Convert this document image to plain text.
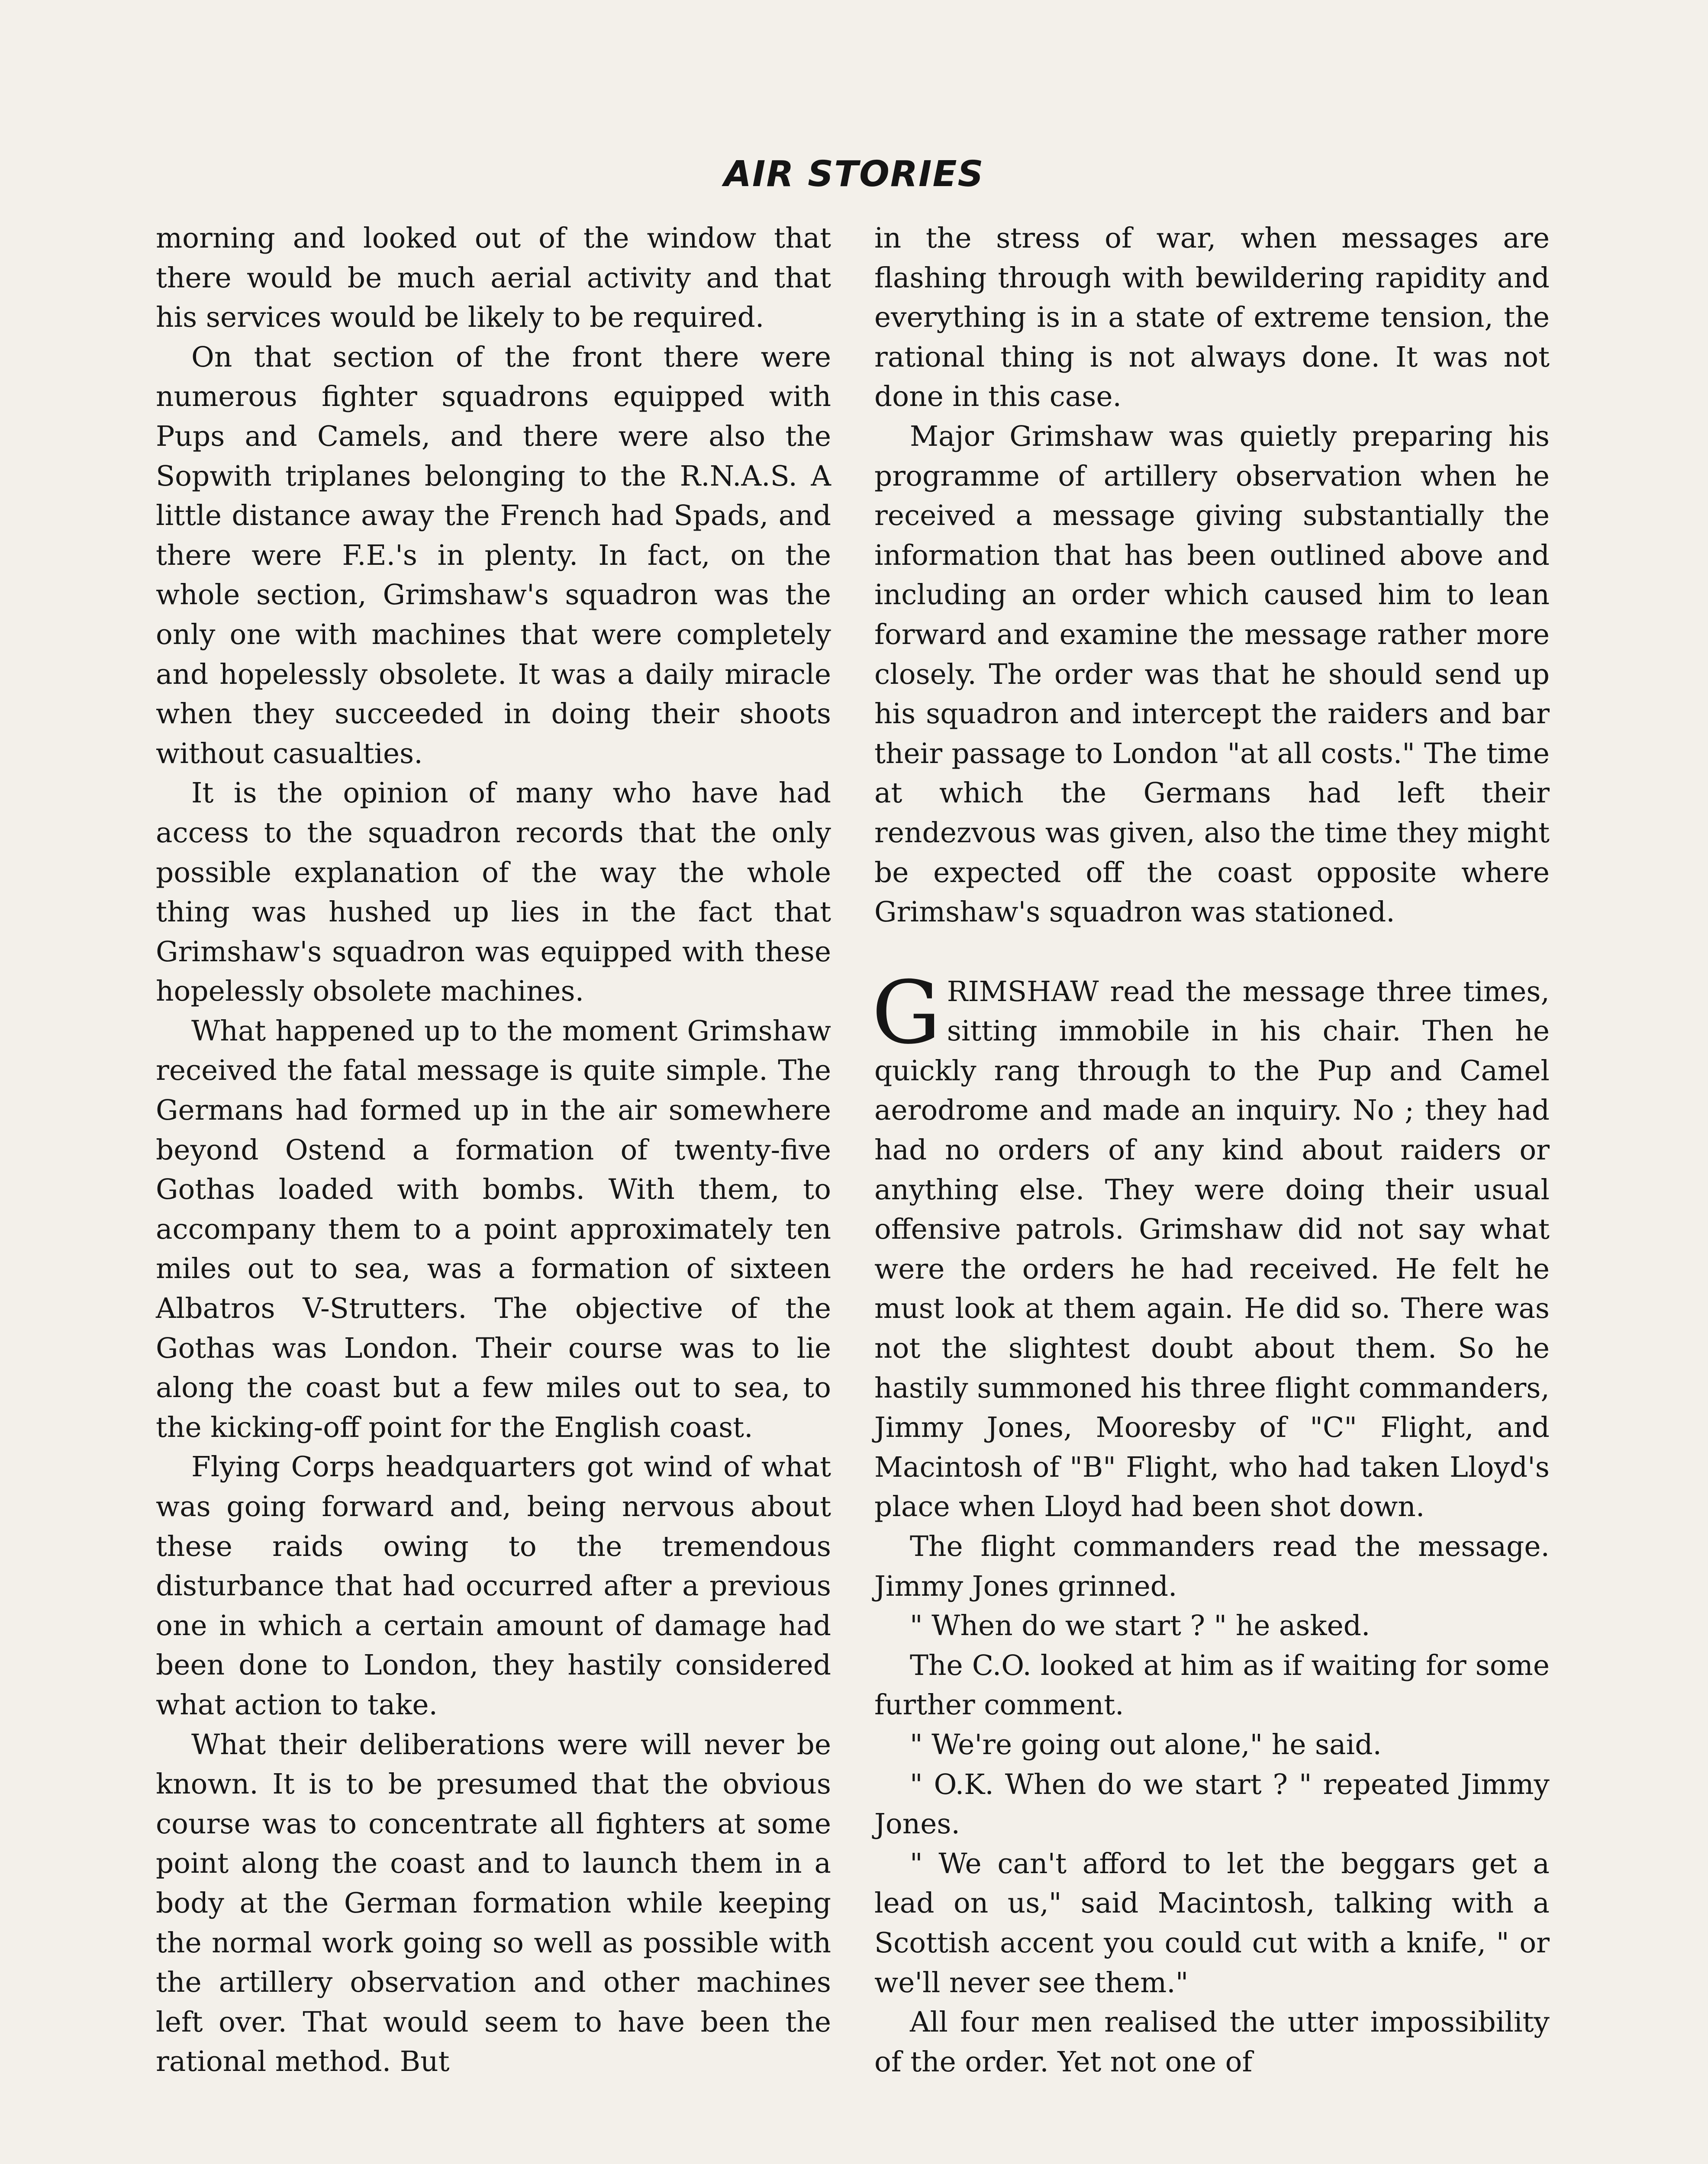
AIR STORIES

morning and looked out of the window that there would be much aerial activity and that his services would be likely to be required.

On that section of the front there were numerous fighter squadrons equipped with Pups and Camels, and there were also the Sopwith triplanes belonging to the R.N.A.S. A little distance away the French had Spads, and there were F.E.'s in plenty. In fact, on the whole section, Grimshaw's squadron was the only one with machines that were completely and hopelessly obsolete. It was a daily miracle when they succeeded in doing their shoots without casualties.

It is the opinion of many who have had access to the squadron records that the only possible explanation of the way the whole thing was hushed up lies in the fact that Grimshaw's squadron was equipped with these hopelessly obsolete machines.

What happened up to the moment Grimshaw received the fatal message is quite simple. The Germans had formed up in the air somewhere beyond Ostend a formation of twenty-five Gothas loaded with bombs. With them, to accompany them to a point approximately ten miles out to sea, was a formation of sixteen Albatros V-Strutters. The objective of the Gothas was London. Their course was to lie along the coast but a few miles out to sea, to the kicking-off point for the English coast.

Flying Corps headquarters got wind of what was going forward and, being nervous about these raids owing to the tremendous disturbance that had occurred after a previous one in which a certain amount of damage had been done to London, they hastily considered what action to take.

What their deliberations were will never be known. It is to be presumed that the obvious course was to concentrate all fighters at some point along the coast and to launch them in a body at the German formation while keeping the normal work going so well as possible with the artillery observation and other machines left over. That would seem to have been the rational method. But

in the stress of war, when messages are flashing through with bewildering rapidity and everything is in a state of extreme tension, the rational thing is not always done. It was not done in this case.

Major Grimshaw was quietly preparing his programme of artillery observation when he received a message giving substantially the information that has been outlined above and including an order which caused him to lean forward and examine the message rather more closely. The order was that he should send up his squadron and intercept the raiders and bar their passage to London "at all costs." The time at which the Germans had left their rendezvous was given, also the time they might be expected off the coast opposite where Grimshaw's squadron was stationed.

GRIMSHAW read the message three times, sitting immobile in his chair. Then he quickly rang through to the Pup and Camel aerodrome and made an inquiry. No ; they had had no orders of any kind about raiders or anything else. They were doing their usual offensive patrols. Grimshaw did not say what were the orders he had received. He felt he must look at them again. He did so. There was not the slightest doubt about them. So he hastily summoned his three flight commanders, Jimmy Jones, Mooresby of "C" Flight, and Macintosh of "B" Flight, who had taken Lloyd's place when Lloyd had been shot down.

The flight commanders read the message. Jimmy Jones grinned.

" When do we start ? " he asked.

The C.O. looked at him as if waiting for some further comment.

" We're going out alone," he said.

" O.K. When do we start ? " repeated Jimmy Jones.

" We can't afford to let the beggars get a lead on us," said Macintosh, talking with a Scottish accent you could cut with a knife, " or we'll never see them."

All four men realised the utter impossibility of the order. Yet not one of
